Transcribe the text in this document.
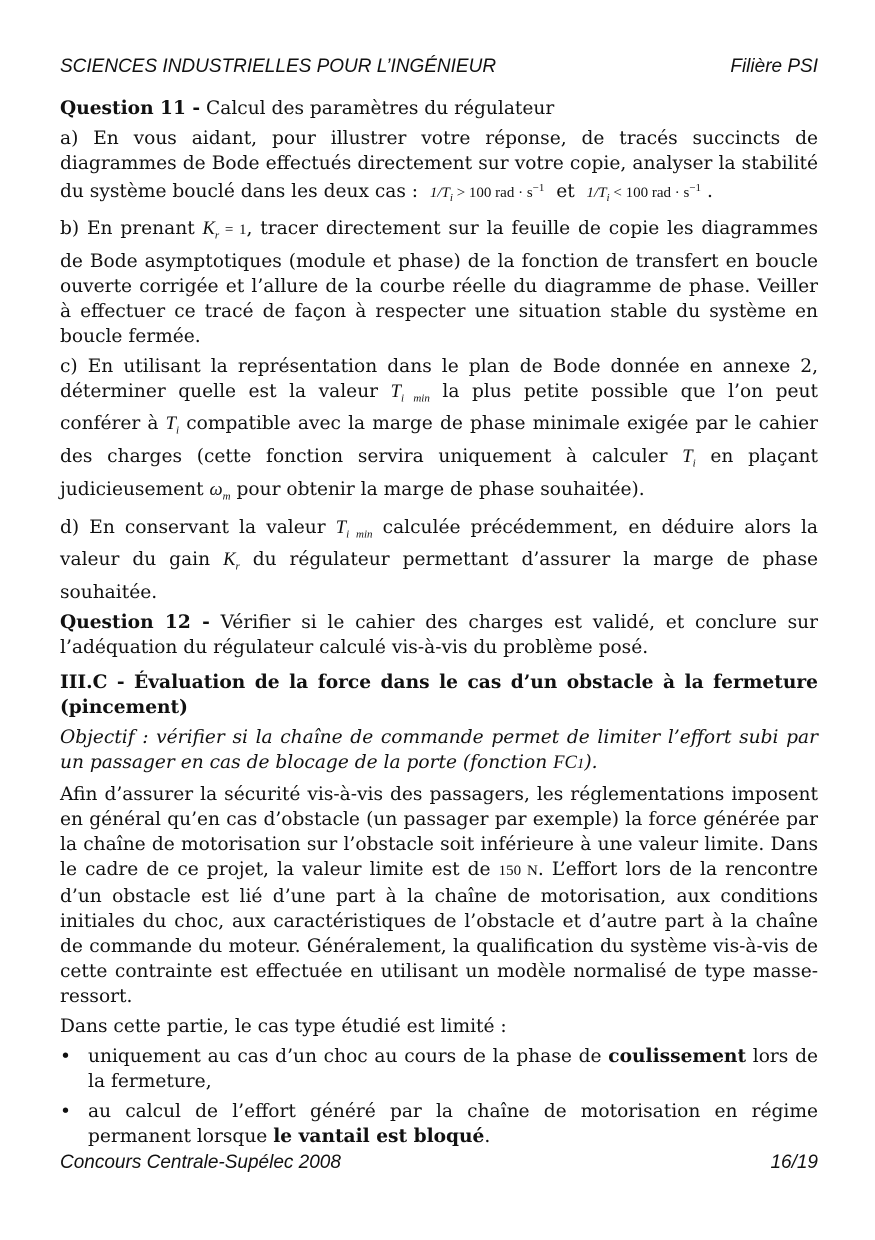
SCIENCES INDUSTRIELLES POUR L’INGÉNIEUR	Filière PSI

Question 11 - Calcul des paramètres du régulateur

a) En vous aidant, pour illustrer votre réponse, de tracés succincts de diagrammes de Bode effectués directement sur votre copie, analyser la stabilité du système bouclé dans les deux cas : $1/T_i > 100$ rad · $s^{-1}$ et $1/T_i < 100$ rad · $s^{-1}$ .

b) En prenant $K_r = 1$, tracer directement sur la feuille de copie les diagrammes de Bode asymptotiques (module et phase) de la fonction de transfert en boucle ouverte corrigée et l’allure de la courbe réelle du diagramme de phase. Veiller à effectuer ce tracé de façon à respecter une situation stable du système en boucle fermée.

c) En utilisant la représentation dans le plan de Bode donnée en annexe 2, déterminer quelle est la valeur $T_{i min}$ la plus petite possible que l’on peut conférer à $T_i$ compatible avec la marge de phase minimale exigée par le cahier des charges (cette fonction servira uniquement à calculer $T_i$ en plaçant judicieusement $\omega_m$ pour obtenir la marge de phase souhaitée).

d) En conservant la valeur $T_{i min}$ calculée précédemment, en déduire alors la valeur du gain $K_r$ du régulateur permettant d’assurer la marge de phase souhaitée.

Question 12 - Vérifier si le cahier des charges est validé, et conclure sur l’adéquation du régulateur calculé vis-à-vis du problème posé.

III.C - Évaluation de la force dans le cas d’un obstacle à la fermeture (pincement)

Objectif : vérifier si la chaîne de commande permet de limiter l’effort subi par un passager en cas de blocage de la porte (fonction FC1).

Afin d’assurer la sécurité vis-à-vis des passagers, les réglementations imposent en général qu’en cas d’obstacle (un passager par exemple) la force générée par la chaîne de motorisation sur l’obstacle soit inférieure à une valeur limite. Dans le cadre de ce projet, la valeur limite est de 150 N. L’effort lors de la rencontre d’un obstacle est lié d’une part à la chaîne de motorisation, aux conditions initiales du choc, aux caractéristiques de l’obstacle et d’autre part à la chaîne de commande du moteur. Généralement, la qualification du système vis-à-vis de cette contrainte est effectuée en utilisant un modèle normalisé de type masse-ressort.

Dans cette partie, le cas type étudié est limité :

• uniquement au cas d’un choc au cours de la phase de coulissement lors de la fermeture,
• au calcul de l’effort généré par la chaîne de motorisation en régime permanent lorsque le vantail est bloqué.
Concours Centrale-Supélec 2008	16/19
